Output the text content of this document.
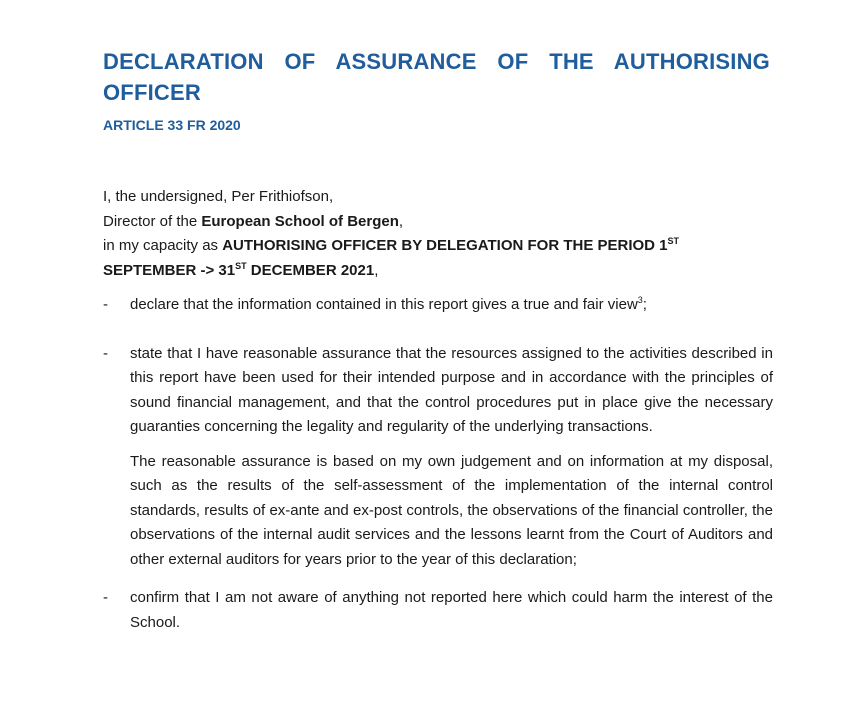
DECLARATION OF ASSURANCE OF THE AUTHORISING
OFFICER
ARTICLE 33 FR 2020
I, the undersigned, Per Frithiofson,
Director of the European School of Bergen,
in my capacity as AUTHORISING OFFICER BY DELEGATION FOR THE PERIOD 1ST
SEPTEMBER -> 31ST DECEMBER 2021,
- declare that the information contained in this report gives a true and fair view$^3$;

- state that I have reasonable assurance that the resources assigned to the activities described in this report have been used for their intended purpose and in accordance with the principles of sound financial management, and that the control procedures put in place give the necessary guaranties concerning the legality and regularity of the underlying transactions.

The reasonable assurance is based on my own judgement and on information at my disposal, such as the results of the self-assessment of the implementation of the internal control standards, results of ex-ante and ex-post controls, the observations of the financial controller, the observations of the internal audit services and the lessons learnt from the Court of Auditors and other external auditors for years prior to the year of this declaration;

- confirm that I am not aware of anything not reported here which could harm the interest of the School.
